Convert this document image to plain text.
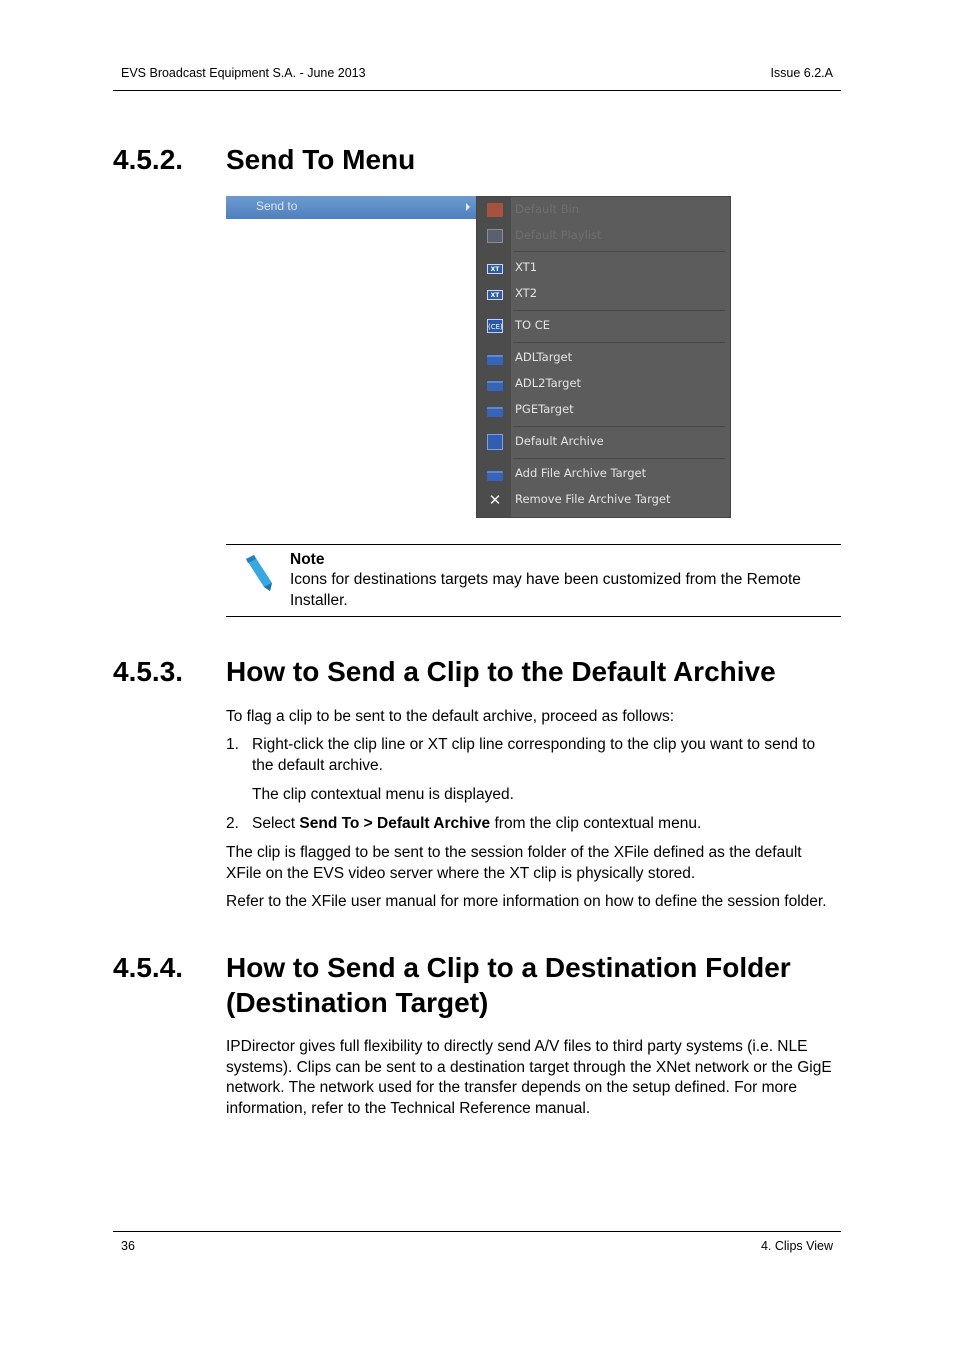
EVS Broadcast Equipment S.A. - June 2013	Issue 6.2.A
4.5.2. Send To Menu
Send to	Default Bin
Default Playlist
XT	XT1
XT	XT2
(CE) TO CE
ADLTarget
ADL2Target
PGETarget
Default Archive
Add File Archive Target
✕ Remove File Archive Target
Note
Icons for destinations targets may have been customized from the Remote Installer.
4.5.3. How to Send a Clip to the Default Archive

To flag a clip to be sent to the default archive, proceed as follows:

1. Right-click the clip line or XT clip line corresponding to the clip you want to send to the default archive.

The clip contextual menu is displayed.

2. Select Send To > Default Archive from the clip contextual menu.

The clip is flagged to be sent to the session folder of the XFile defined as the default XFile on the EVS video server where the XT clip is physically stored.

Refer to the XFile user manual for more information on how to define the session folder.

4.5.4. How to Send a Clip to a Destination Folder (Destination Target)

IPDirector gives full flexibility to directly send A/V files to third party systems (i.e. NLE systems). Clips can be sent to a destination target through the XNet network or the GigE network. The network used for the transfer depends on the setup defined. For more information, refer to the Technical Reference manual.

36	4. Clips View
